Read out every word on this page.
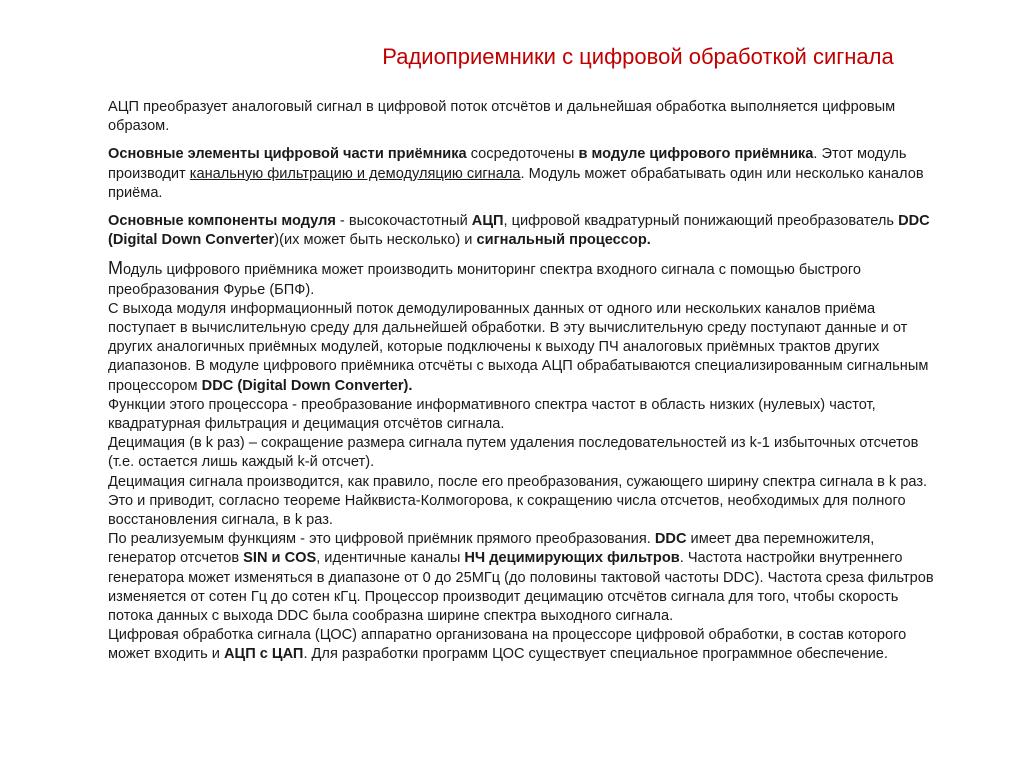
Радиоприемники с цифровой обработкой сигнала

АЦП преобразует аналоговый сигнал в цифровой поток отсчётов и дальнейшая обработка выполняется цифровым образом.

Основные элементы цифровой части приёмника сосредоточены в модуле цифрового приёмника. Этот модуль производит канальную фильтрацию и демодуляцию сигнала. Модуль может обрабатывать один или несколько каналов приёма.

Основные компоненты модуля - высокочастотный АЦП, цифровой квадратурный понижающий преобразователь DDC (Digital Down Converter)(их может быть несколько) и сигнальный процессор.

Модуль цифрового приёмника может производить мониторинг спектра входного сигнала с помощью быстрого преобразования Фурье (БПФ).

С выхода модуля информационный поток демодулированных данных от одного или нескольких каналов приёма поступает в вычислительную среду для дальнейшей обработки. В эту вычислительную среду поступают данные и от других аналогичных приёмных модулей, которые подключены к выходу ПЧ аналоговых приёмных трактов других диапазонов. В модуле цифрового приёмника отсчёты с выхода АЦП обрабатываются специализированным сигнальным процессором DDC (Digital Down Converter).

Функции этого процессора - преобразование информативного спектра частот в область низких (нулевых) частот, квадратурная фильтрация и децимация отсчётов сигнала.

Децимация (в k раз) – сокращение размера сигнала путем удаления последовательностей из k-1 избыточных отсчетов (т.е. остается лишь каждый k-й отсчет).

Децимация сигнала производится, как правило, после его преобразования, сужающего ширину спектра сигнала в k раз. Это и приводит, согласно теореме Найквиста-Колмогорова, к сокращению числа отсчетов, необходимых для полного восстановления сигнала, в k раз.

По реализуемым функциям - это цифровой приёмник прямого преобразования. DDC имеет два перемножителя, генератор отсчетов SIN и COS, идентичные каналы НЧ децимирующих фильтров. Частота настройки внутреннего генератора может изменяться в диапазоне от 0 до 25МГц (до половины тактовой частоты DDC). Частота среза фильтров изменяется от сотен Гц до сотен кГц. Процессор производит децимацию отсчётов сигнала для того, чтобы скорость потока данных с выхода DDC была сообразна ширине спектра выходного сигнала.

Цифровая обработка сигнала (ЦОС) аппаратно организована на процессоре цифровой обработки, в состав которого может входить и АЦП с ЦАП. Для разработки программ ЦОС существует специальное программное обеспечение.
